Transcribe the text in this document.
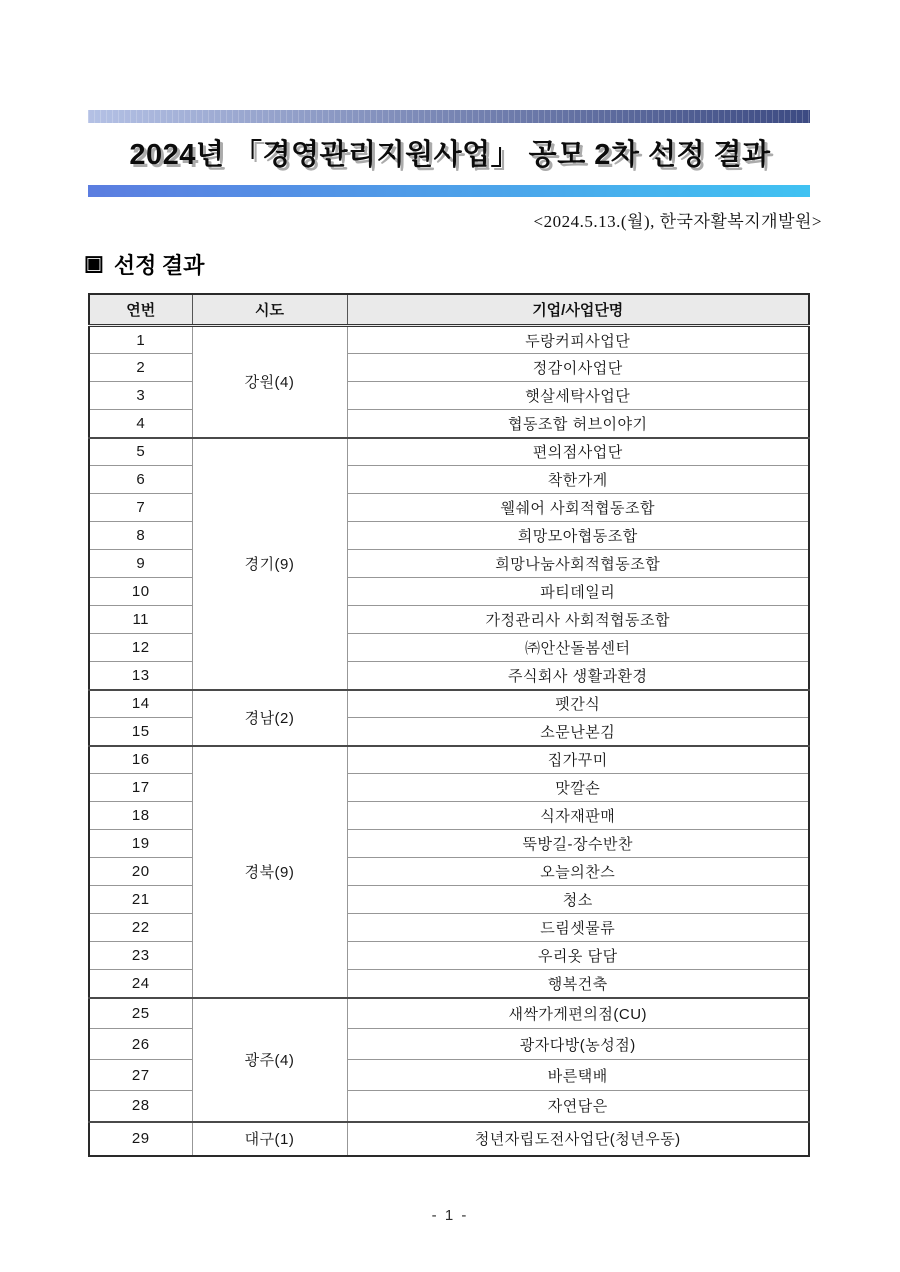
2024년 「경영관리지원사업」 공모 2차 선정 결과
<2024.5.13.(월), 한국자활복지개발원>
▣ 선정 결과
연번	시도	기업/사업단명
1	강원(4)	두랑커피사업단
2		정감이사업단
3		햇살세탁사업단
4		협동조합 허브이야기
5	경기(9)	편의점사업단
6		착한가게
7		웰쉐어 사회적협동조합
8		희망모아협동조합
9		희망나눔사회적협동조합
10		파티데일리
11		가정관리사 사회적협동조합
12		㈜안산돌봄센터
13		주식회사 생활과환경
14	경남(2)	펫간식
15		소문난본김
16	경북(9)	집가꾸미
17		맛깔손
18		식자재판매
19		뚝방길-장수반찬
20		오늘의찬스
21		청소
22		드림셋물류
23		우리옷 담담
24		행복건축
25	광주(4)	새싹가게편의점(CU)
26		광자다방(농성점)
27		바른택배
28		자연담은
29	대구(1)	청년자립도전사업단(청년우동)
- 1 -
